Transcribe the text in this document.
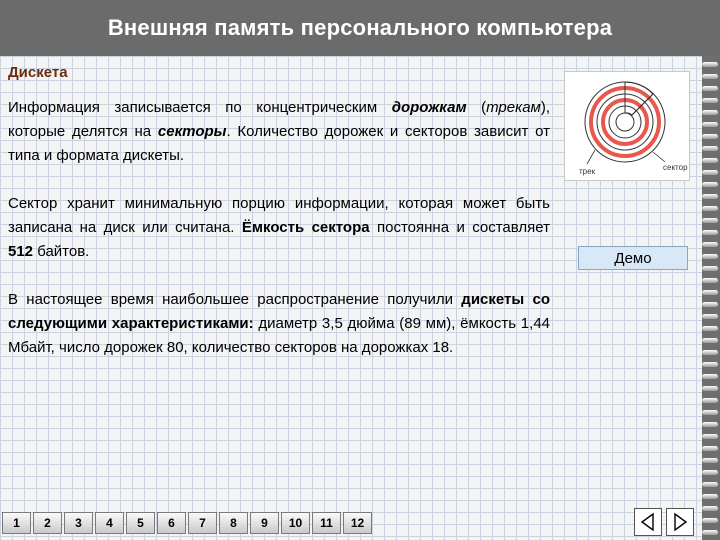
Внешняя память персонального компьютера
Дискета

Информация записывается по концентрическим дорожкам (трекам), которые делятся на секторы. Количество дорожек и секторов зависит от типа и формата дискеты.

Сектор хранит минимальную порцию информации, которая может быть записана на диск или считана. Ёмкость сектора постоянна и составляет 512 байтов.

В настоящее время наибольшее распространение получили дискеты со следующими характеристиками: диаметр 3,5 дюйма (89 мм), ёмкость 1,44 Мбайт, число дорожек 80, количество секторов на дорожках 18.

сектор
трек
Демо
1	2	3	4	5	6	7	8	9	10	11	12
